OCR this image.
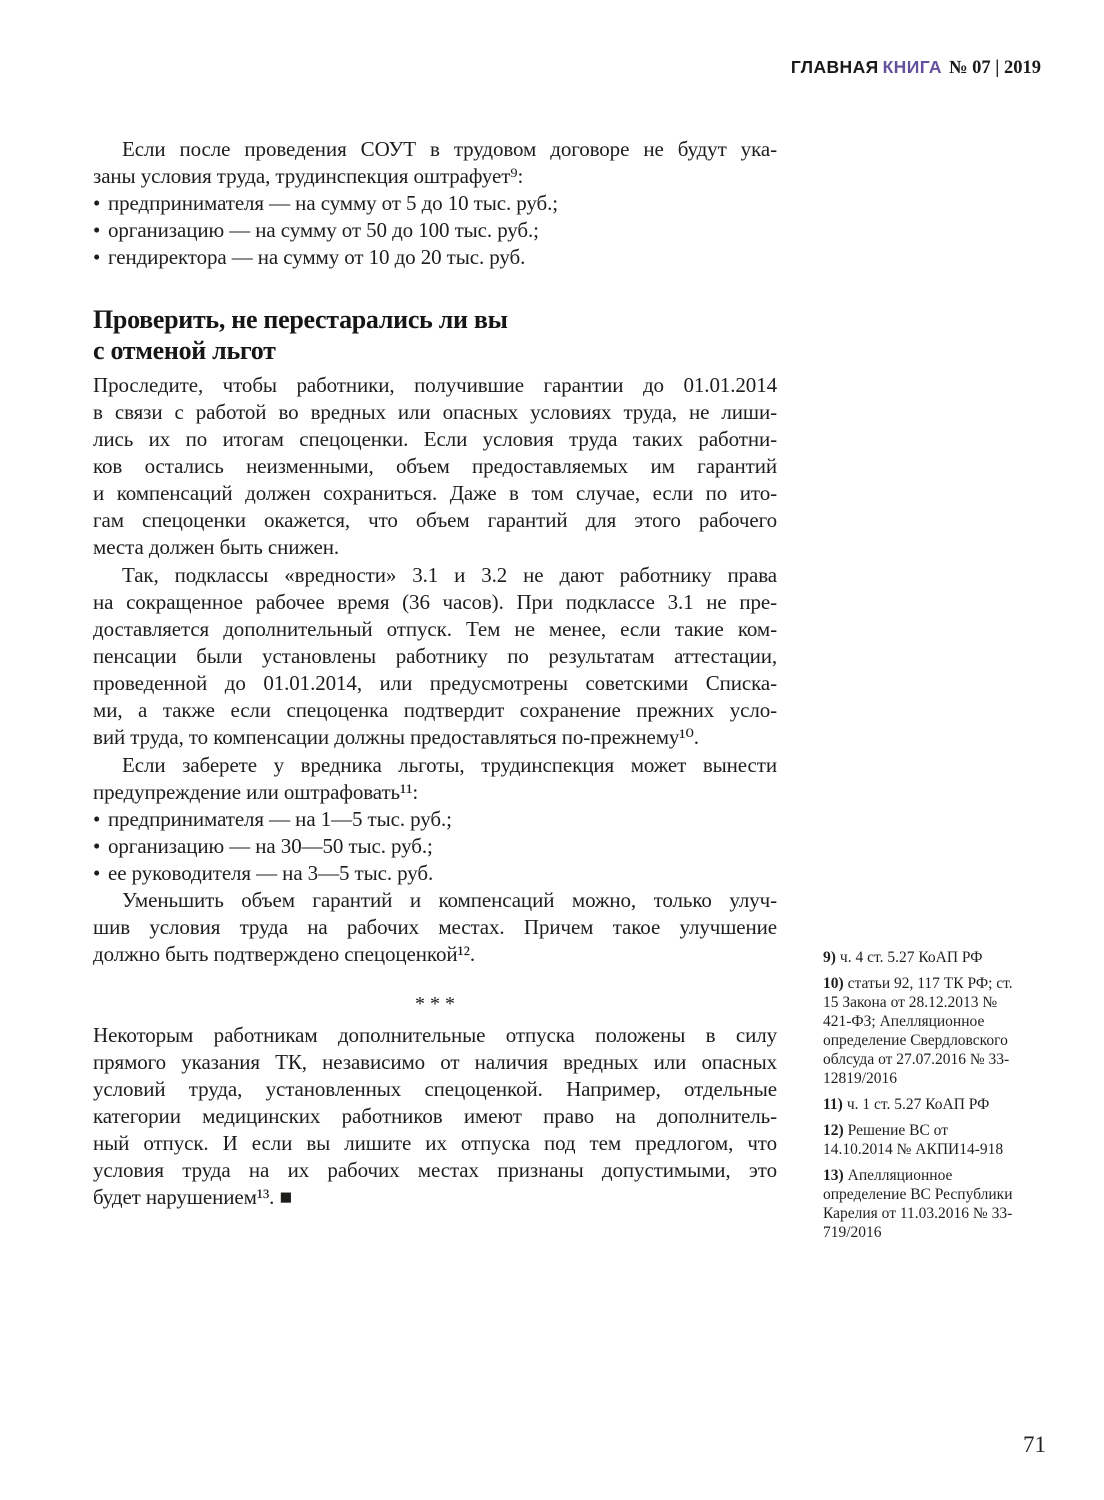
ГЛАВНАЯ КНИГА № 07 | 2019
Если после проведения СОУТ в трудовом договоре не будут ука-
заны условия труда, трудинспекция оштрафует⁹:
• предпринимателя — на сумму от 5 до 10 тыс. руб.;
• организацию — на сумму от 50 до 100 тыс. руб.;
• гендиректора — на сумму от 10 до 20 тыс. руб.
Проверить, не перестарались ли вы
с отменой льгот
Проследите, чтобы работники, получившие гарантии до 01.01.2014
в связи с работой во вредных или опасных условиях труда, не лиши-
лись их по итогам спецоценки. Если условия труда таких работни-
ков остались неизменными, объем предоставляемых им гарантий
и компенсаций должен сохраниться. Даже в том случае, если по ито-
гам спецоценки окажется, что объем гарантий для этого рабочего
места должен быть снижен.
Так, подклассы «вредности» 3.1 и 3.2 не дают работнику права
на сокращенное рабочее время (36 часов). При подклассе 3.1 не пре-
доставляется дополнительный отпуск. Тем не менее, если такие ком-
пенсации были установлены работнику по результатам аттестации,
проведенной до 01.01.2014, или предусмотрены советскими Списка-
ми, а также если спецоценка подтвердит сохранение прежних усло-
вий труда, то компенсации должны предоставляться по-прежнему¹⁰.
Если заберете у вредника льготы, трудинспекция может вынести
предупреждение или оштрафовать¹¹:
• предпринимателя — на 1—5 тыс. руб.;
• организацию — на 30—50 тыс. руб.;
• ее руководителя — на 3—5 тыс. руб.
Уменьшить объем гарантий и компенсаций можно, только улуч-
шив условия труда на рабочих местах. Причем такое улучшение
должно быть подтверждено спецоценкой¹².
* * *
Некоторым работникам дополнительные отпуска положены в силу
прямого указания ТК, независимо от наличия вредных или опасных
условий труда, установленных спецоценкой. Например, отдельные
категории медицинских работников имеют право на дополнитель-
ный отпуск. И если вы лишите их отпуска под тем предлогом, что
условия труда на их рабочих местах признаны допустимыми, это
будет нарушением¹³. ■
9) ч. 4 ст. 5.27 КоАП РФ
10) статьи 92, 117 ТК РФ; ст. 15 Закона от 28.12.2013 № 421-ФЗ; Апелляционное определение Свердловского облсуда от 27.07.2016 № 33-12819/2016
11) ч. 1 ст. 5.27 КоАП РФ
12) Решение ВС от 14.10.2014 № АКПИ14-918
13) Апелляционное определение ВС Республики Карелия от 11.03.2016 № 33-719/2016
71
